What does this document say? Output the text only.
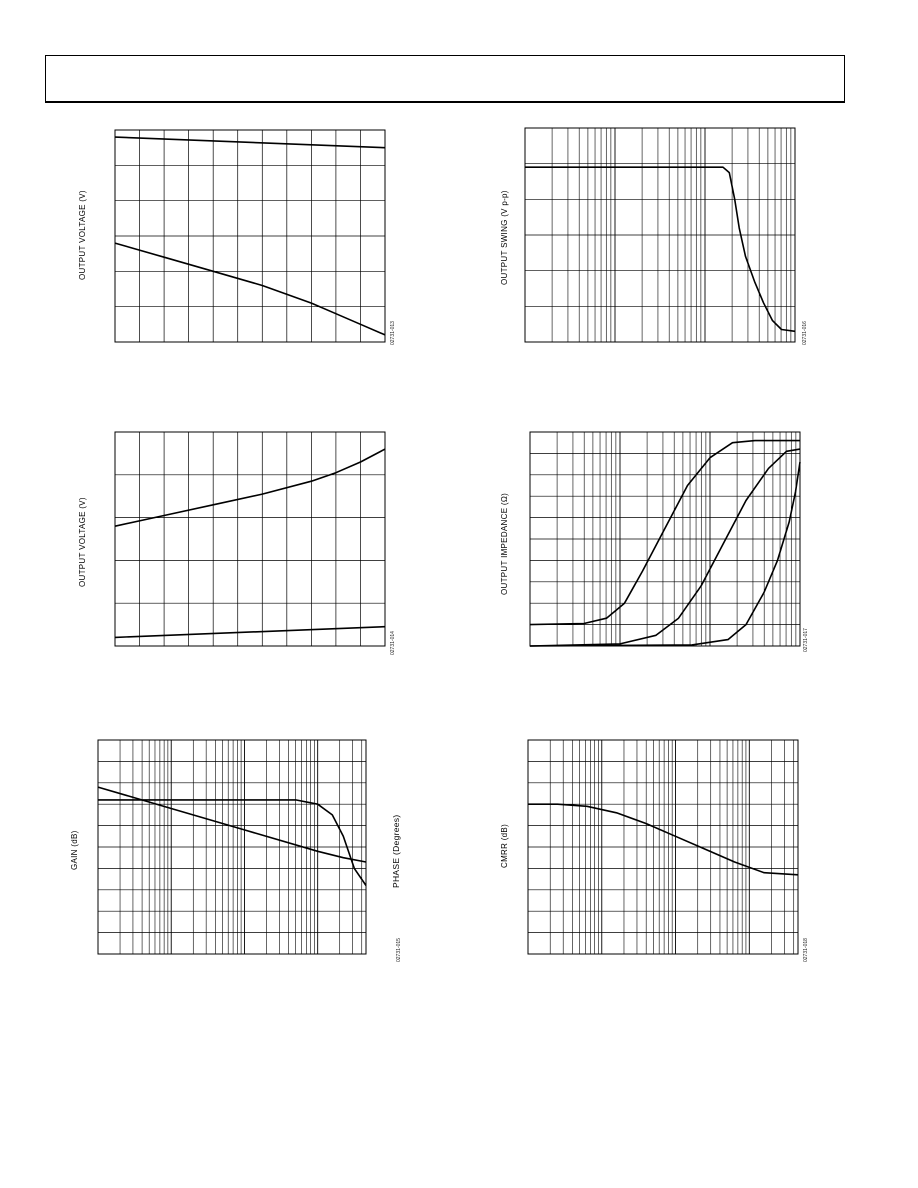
OUTPUT VOLTAGE (V)
02731-013
OUTPUT SWING (V p-p)
02731-016
OUTPUT VOLTAGE (V)
02731-014
OUTPUT IMPEDANCE (Ω)
02731-017
GAIN (dB)	PHASE (Degrees)
02731-015
CMRR (dB)
02731-018
